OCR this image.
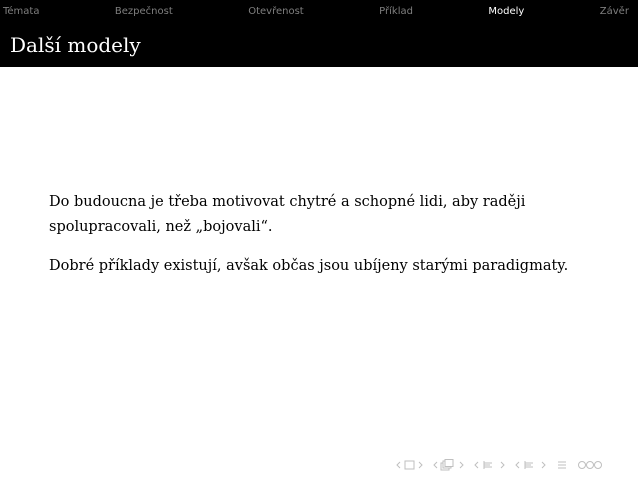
Témata	Bezpečnost	Otevřenost	Příklad	Modely	Závěr
Další modely

Do budoucna je třeba motivovat chytré a schopné lidi, aby raději spolupracovali, než „bojovali“.

Dobré příklady existují, avšak občas jsou ubíjeny starými paradigmaty.
